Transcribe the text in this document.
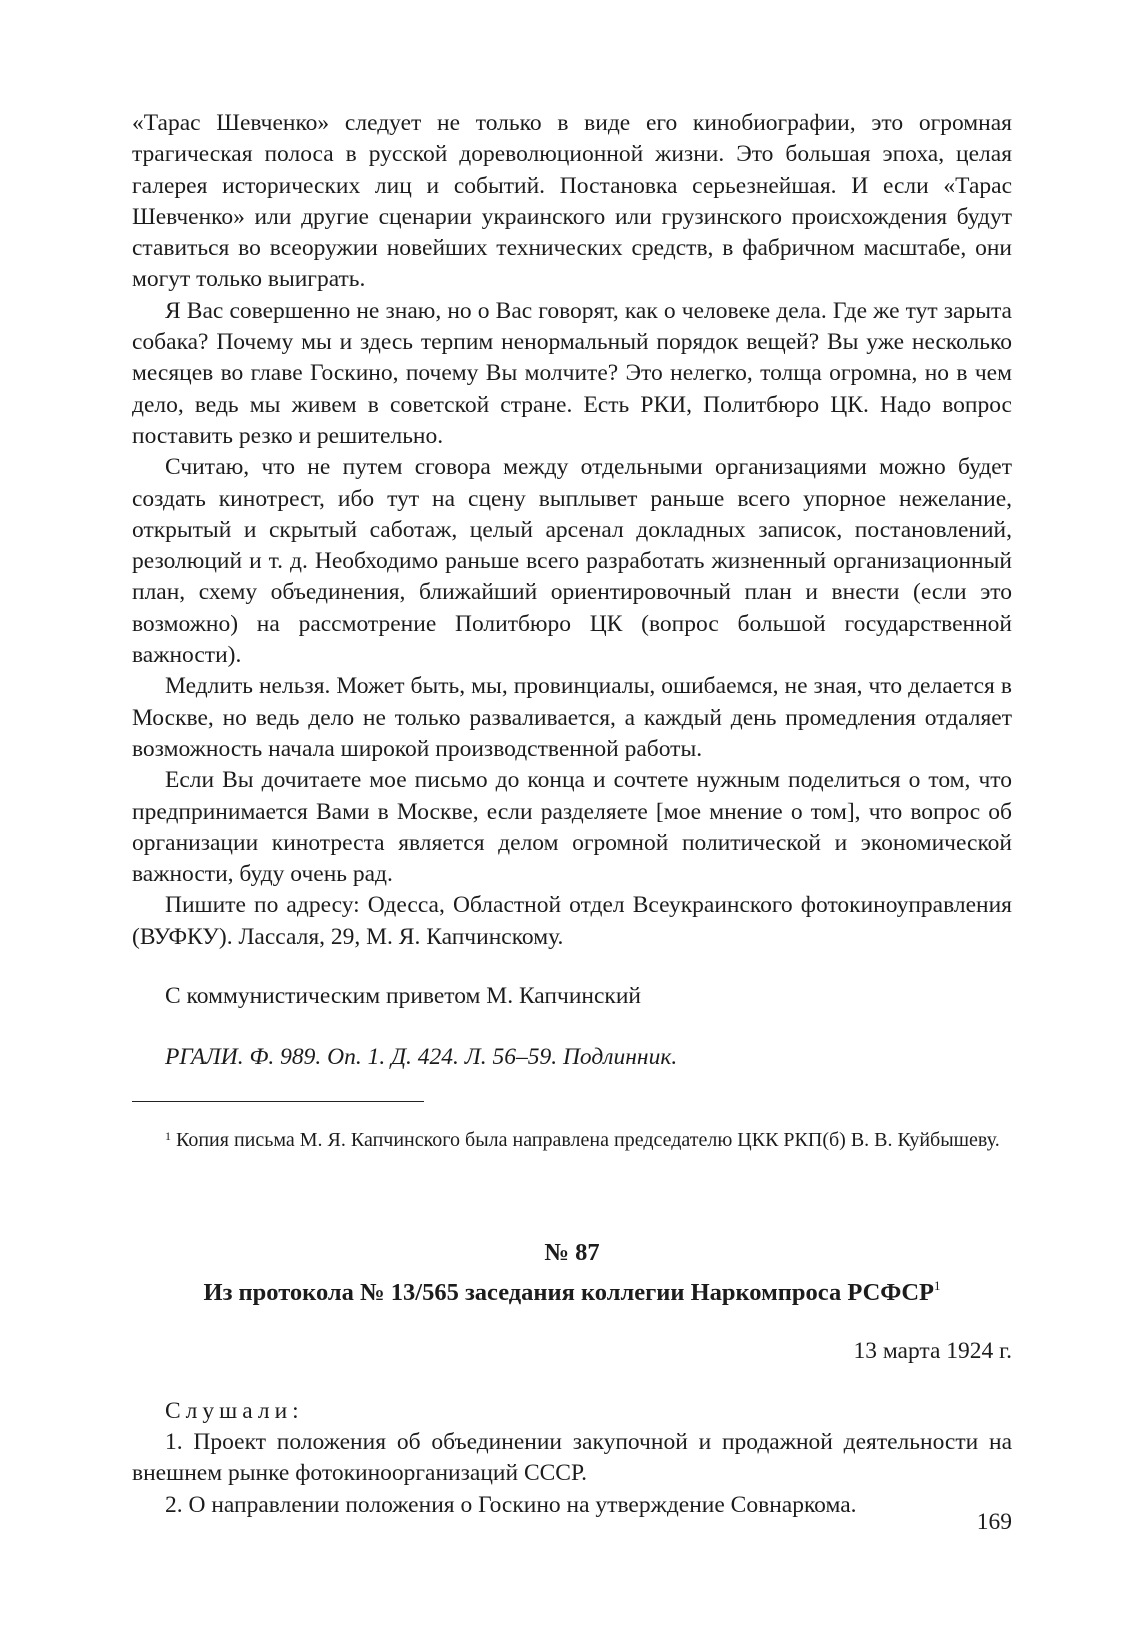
«Тарас Шевченко» следует не только в виде его кинобиографии, это огромная трагическая полоса в русской дореволюционной жизни. Это большая эпоха, целая галерея исторических лиц и событий. Постановка серьезнейшая. И если «Тарас Шевченко» или другие сценарии украинского или грузинского происхождения будут ставиться во всеоружии новейших технических средств, в фабричном масштабе, они могут только выиграть.

Я Вас совершенно не знаю, но о Вас говорят, как о человеке дела. Где же тут зарыта собака? Почему мы и здесь терпим ненормальный порядок вещей? Вы уже несколько месяцев во главе Госкино, почему Вы молчите? Это нелегко, толща огромна, но в чем дело, ведь мы живем в советской стране. Есть РКИ, Политбюро ЦК. Надо вопрос поставить резко и решительно.

Считаю, что не путем сговора между отдельными организациями можно будет создать кинотрест, ибо тут на сцену выплывет раньше всего упорное нежелание, открытый и скрытый саботаж, целый арсенал докладных записок, постановлений, резолюций и т. д. Необходимо раньше всего разработать жизненный организационный план, схему объединения, ближайший ориентировочный план и внести (если это возможно) на рассмотрение Политбюро ЦК (вопрос большой государственной важности).

Медлить нельзя. Может быть, мы, провинциалы, ошибаемся, не зная, что делается в Москве, но ведь дело не только разваливается, а каждый день промедления отдаляет возможность начала широкой производственной работы.

Если Вы дочитаете мое письмо до конца и сочтете нужным поделиться о том, что предпринимается Вами в Москве, если разделяете [мое мнение о том], что вопрос об организации кинотреста является делом огромной политической и экономической важности, буду очень рад.

Пишите по адресу: Одесса, Областной отдел Всеукраинского фотокиноуправления (ВУФКУ). Лассаля, 29, М. Я. Капчинскому.

С коммунистическим приветом М. Капчинский
РГАЛИ. Ф. 989. Оп. 1. Д. 424. Л. 56–59. Подлинник.
$^1$ Копия письма М. Я. Капчинского была направлена председателю ЦКК РКП(б) В. В. Куйбышеву.
№ 87
Из протокола № 13/565 заседания коллегии Наркомпроса РСФСР$^1$
13 марта 1924 г.
Слушали:

1. Проект положения об объединении закупочной и продажной деятельности на внешнем рынке фотокиноорганизаций СССР.

2. О направлении положения о Госкино на утверждение Совнаркома.

169
